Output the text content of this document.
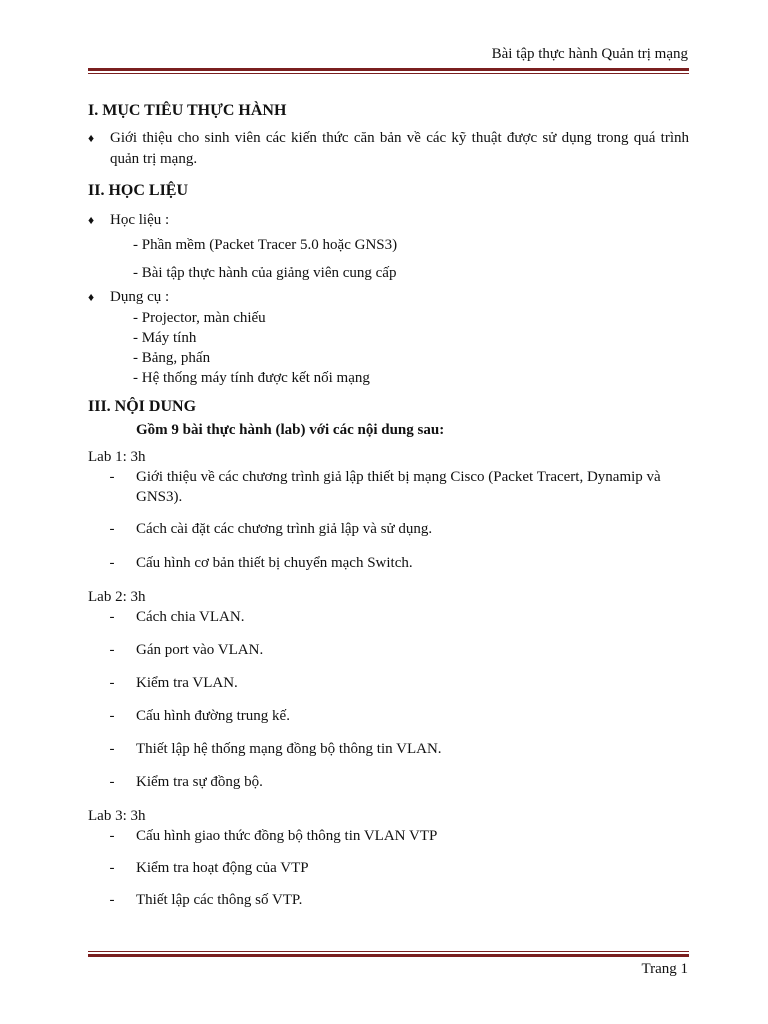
Bài tập thực hành Quản trị mạng

I. MỤC TIÊU THỰC HÀNH

♦	Giới thiệu cho sinh viên các kiến thức căn bản về các kỹ thuật được sử dụng trong quá trình quản trị mạng.

II. HỌC LIỆU

♦	Học liệu :
- Phần mềm (Packet Tracer 5.0 hoặc GNS3)
- Bài tập thực hành của giảng viên cung cấp
♦	Dụng cụ :
- Projector, màn chiếu
- Máy tính
- Bảng, phấn
- Hệ thống máy tính được kết nối mạng

III. NỘI DUNG

Gồm 9 bài thực hành (lab) với các nội dung sau:
Lab 1: 3h
-	Giới thiệu về các chương trình giả lập thiết bị mạng Cisco (Packet Tracert, Dynamip và GNS3).
-	Cách cài đặt các chương trình giả lập và sử dụng.
-	Cấu hình cơ bản thiết bị chuyển mạch Switch.
Lab 2: 3h
-	Cách chia VLAN.
-	Gán port vào VLAN.
-	Kiểm tra VLAN.
-	Cấu hình đường trung kế.
-	Thiết lập hệ thống mạng đồng bộ thông tin VLAN.
-	Kiểm tra sự đồng bộ.
Lab 3: 3h
-	Cấu hình giao thức đồng bộ thông tin VLAN VTP
-	Kiểm tra hoạt động của VTP
-	Thiết lập các thông số VTP.
Trang 1
